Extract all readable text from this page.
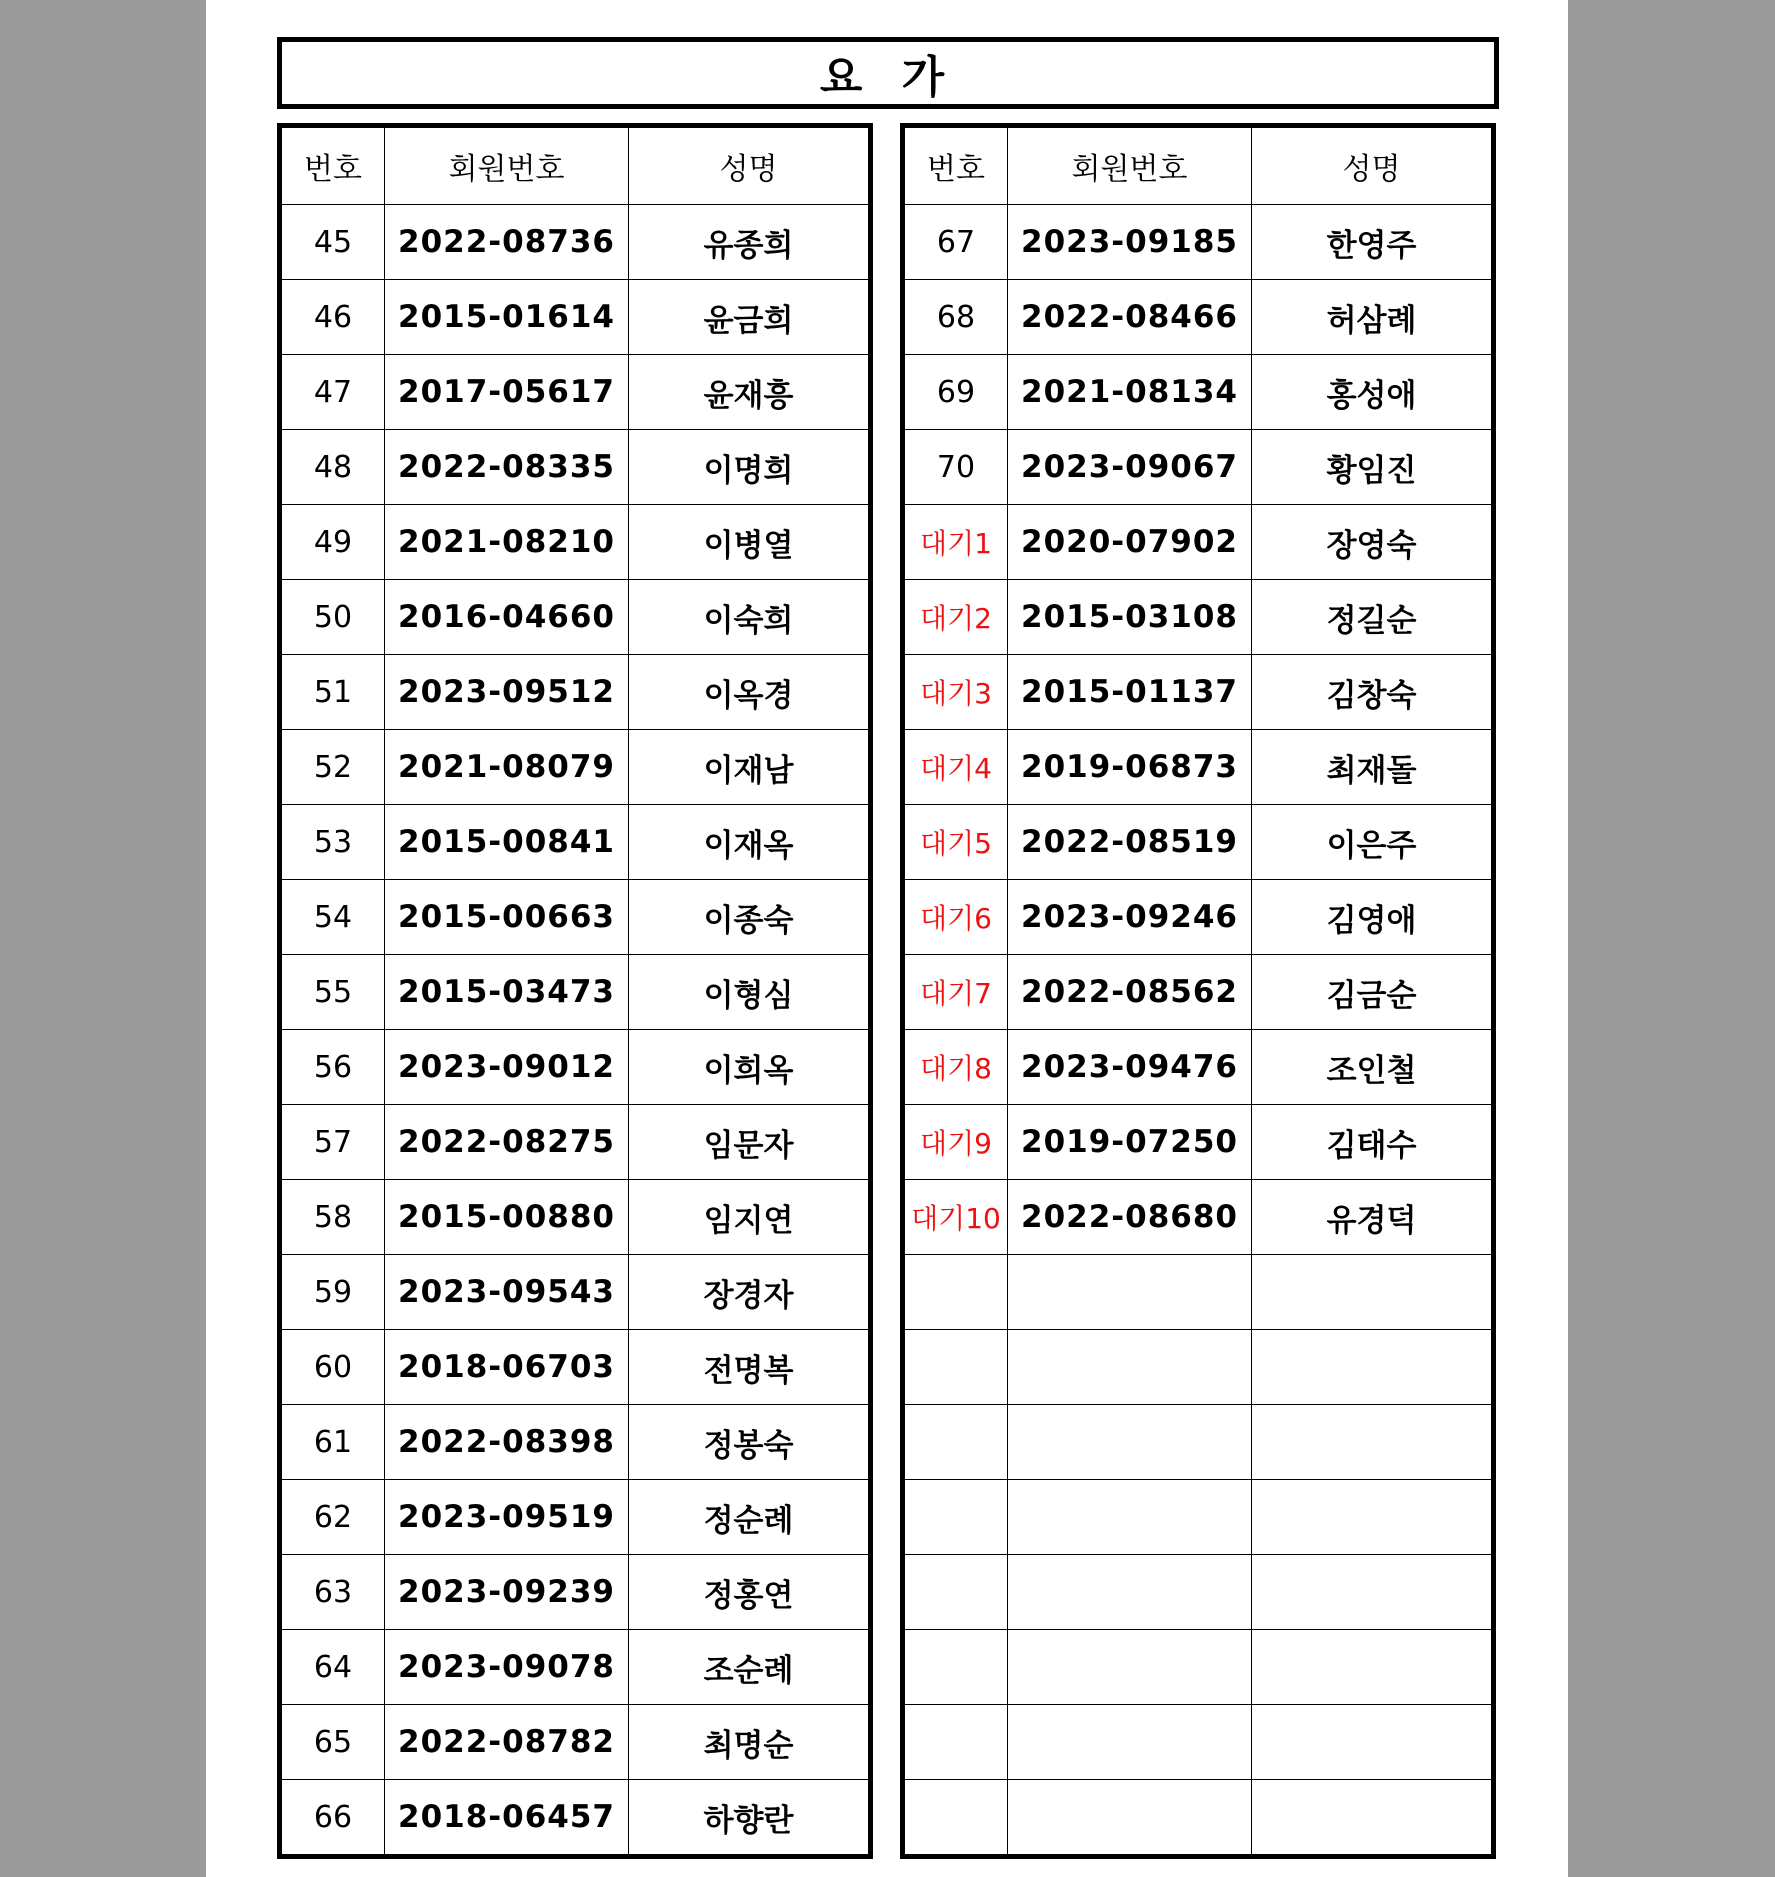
요 가
번호	회원번호	성명
45	2022-08736	유종희
46	2015-01614	윤금희
47	2017-05617	윤재흥
48	2022-08335	이명희
49	2021-08210	이병열
50	2016-04660	이숙희
51	2023-09512	이옥경
52	2021-08079	이재남
53	2015-00841	이재옥
54	2015-00663	이종숙
55	2015-03473	이형심
56	2023-09012	이희옥
57	2022-08275	임문자
58	2015-00880	임지연
59	2023-09543	장경자
60	2018-06703	전명복
61	2022-08398	정봉숙
62	2023-09519	정순례
63	2023-09239	정홍연
64	2023-09078	조순례
65	2022-08782	최명순
66	2018-06457	하향란
번호	회원번호	성명
67	2023-09185	한영주
68	2022-08466	허삼례
69	2021-08134	홍성애
70	2023-09067	황임진
대기1	2020-07902	장영숙
대기2	2015-03108	정길순
대기3	2015-01137	김창숙
대기4	2019-06873	최재돌
대기5	2022-08519	이은주
대기6	2023-09246	김영애
대기7	2022-08562	김금순
대기8	2023-09476	조인철
대기9	2019-07250	김태수
대기10	2022-08680	유경덕
